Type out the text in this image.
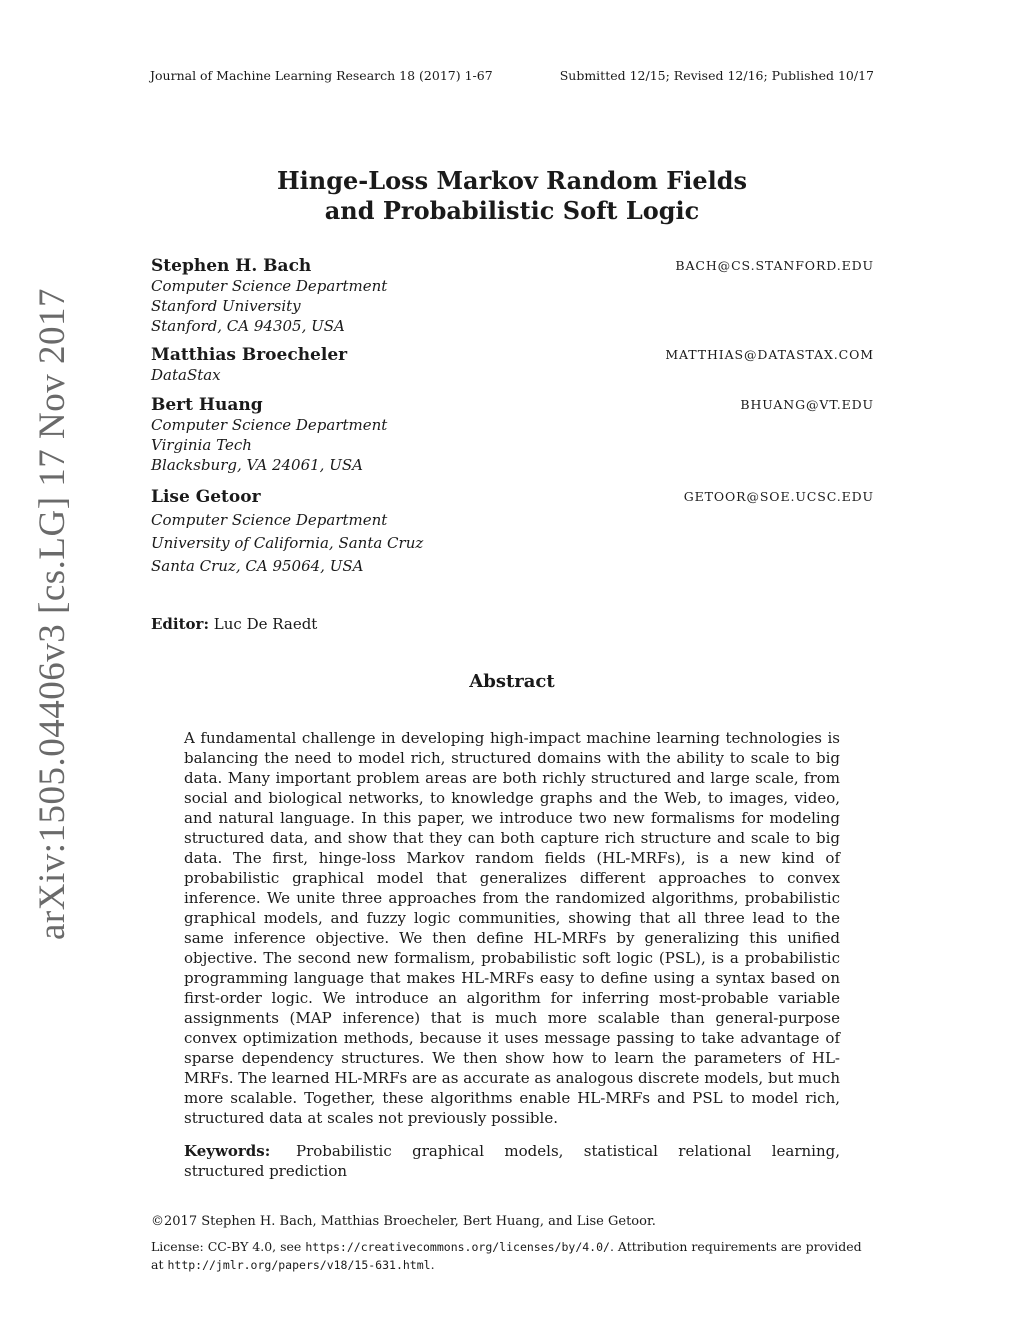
Journal of Machine Learning Research 18 (2017) 1-67	Submitted 12/15; Revised 12/16; Published 10/17
arXiv:1505.04406v3 [cs.LG] 17 Nov 2017
Hinge-Loss Markov Random Fields
and Probabilistic Soft Logic
Stephen H. Bach	BACH@CS.STANFORD.EDU
Computer Science Department
Stanford University
Stanford, CA 94305, USA
Matthias Broecheler	MATTHIAS@DATASTAX.COM
DataStax
Bert Huang	BHUANG@VT.EDU
Computer Science Department
Virginia Tech
Blacksburg, VA 24061, USA
Lise Getoor	GETOOR@SOE.UCSC.EDU
Computer Science Department
University of California, Santa Cruz
Santa Cruz, CA 95064, USA
Editor: Luc De Raedt
Abstract
A fundamental challenge in developing high-impact machine learning technologies is balancing the need to model rich, structured domains with the ability to scale to big data. Many important problem areas are both richly structured and large scale, from social and biological networks, to knowledge graphs and the Web, to images, video, and natural language. In this paper, we introduce two new formalisms for modeling structured data, and show that they can both capture rich structure and scale to big data. The first, hinge-loss Markov random fields (HL-MRFs), is a new kind of probabilistic graphical model that generalizes different approaches to convex inference. We unite three approaches from the randomized algorithms, probabilistic graphical models, and fuzzy logic communities, showing that all three lead to the same inference objective. We then define HL-MRFs by generalizing this unified objective. The second new formalism, probabilistic soft logic (PSL), is a probabilistic programming language that makes HL-MRFs easy to define using a syntax based on first-order logic. We introduce an algorithm for inferring most-probable variable assignments (MAP inference) that is much more scalable than general-purpose convex optimization methods, because it uses message passing to take advantage of sparse dependency structures. We then show how to learn the parameters of HL-MRFs. The learned HL-MRFs are as accurate as analogous discrete models, but much more scalable. Together, these algorithms enable HL-MRFs and PSL to model rich, structured data at scales not previously possible.
Keywords:	Probabilistic graphical models, statistical relational learning, structured prediction
©2017 Stephen H. Bach, Matthias Broecheler, Bert Huang, and Lise Getoor.
License: CC-BY 4.0, see https://creativecommons.org/licenses/by/4.0/. Attribution requirements are provided at http://jmlr.org/papers/v18/15-631.html.
